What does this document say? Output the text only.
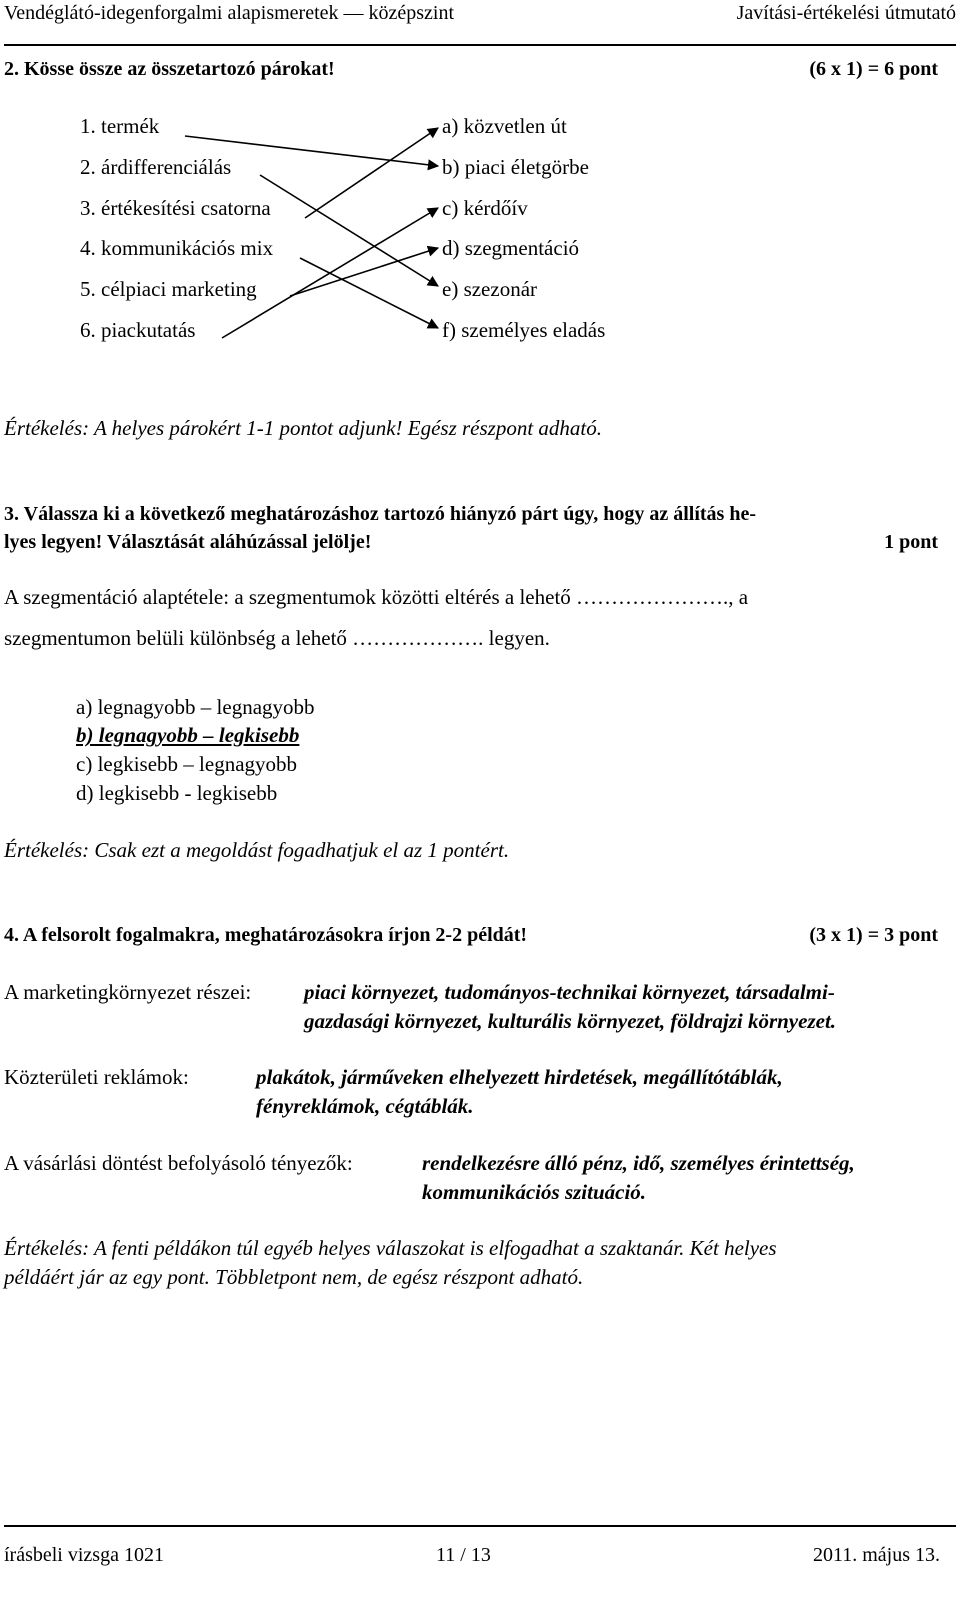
Vendéglátó-idegenforgalmi alapismeretek — középszint	Javítási-értékelési útmutató
2. Kösse össze az összetartozó párokat!	(6 x 1) = 6 pont
1. termék
2. árdifferenciálás
3. értékesítési csatorna
4. kommunikációs mix
5. célpiaci marketing
6. piackutatás
a) közvetlen út
b) piaci életgörbe
c) kérdőív
d) szegmentáció
e) szezonár
f) személyes eladás
Értékelés: A helyes párokért 1-1 pontot adjunk! Egész részpont adható.
3. Válassza ki a következő meghatározáshoz tartozó hiányzó párt úgy, hogy az állítás he-
lyes legyen! Választását aláhúzással jelölje!	1 pont
A szegmentáció alaptétele: a szegmentumok közötti eltérés a lehető …………………., a
szegmentumon belüli különbség a lehető ………………. legyen.
a) legnagyobb – legnagyobb
b) legnagyobb – legkisebb
c) legkisebb – legnagyobb
d) legkisebb - legkisebb
Értékelés: Csak ezt a megoldást fogadhatjuk el az 1 pontért.
4. A felsorolt fogalmakra, meghatározásokra írjon 2-2 példát!	(3 x 1) = 3 pont
A marketingkörnyezet részei:	piaci környezet, tudományos-technikai környezet, társadalmi-
gazdasági környezet, kulturális környezet, földrajzi környezet.
Közterületi reklámok:	plakátok, járműveken elhelyezett hirdetések, megállítótáblák,
fényreklámok, cégtáblák.
A vásárlási döntést befolyásoló tényezők:	rendelkezésre álló pénz, idő, személyes érintettség,
kommunikációs szituáció.
Értékelés: A fenti példákon túl egyéb helyes válaszokat is elfogadhat a szaktanár. Két helyes
példáért jár az egy pont. Többletpont nem, de egész részpont adható.
írásbeli vizsga 1021	11 / 13	2011. május 13.
